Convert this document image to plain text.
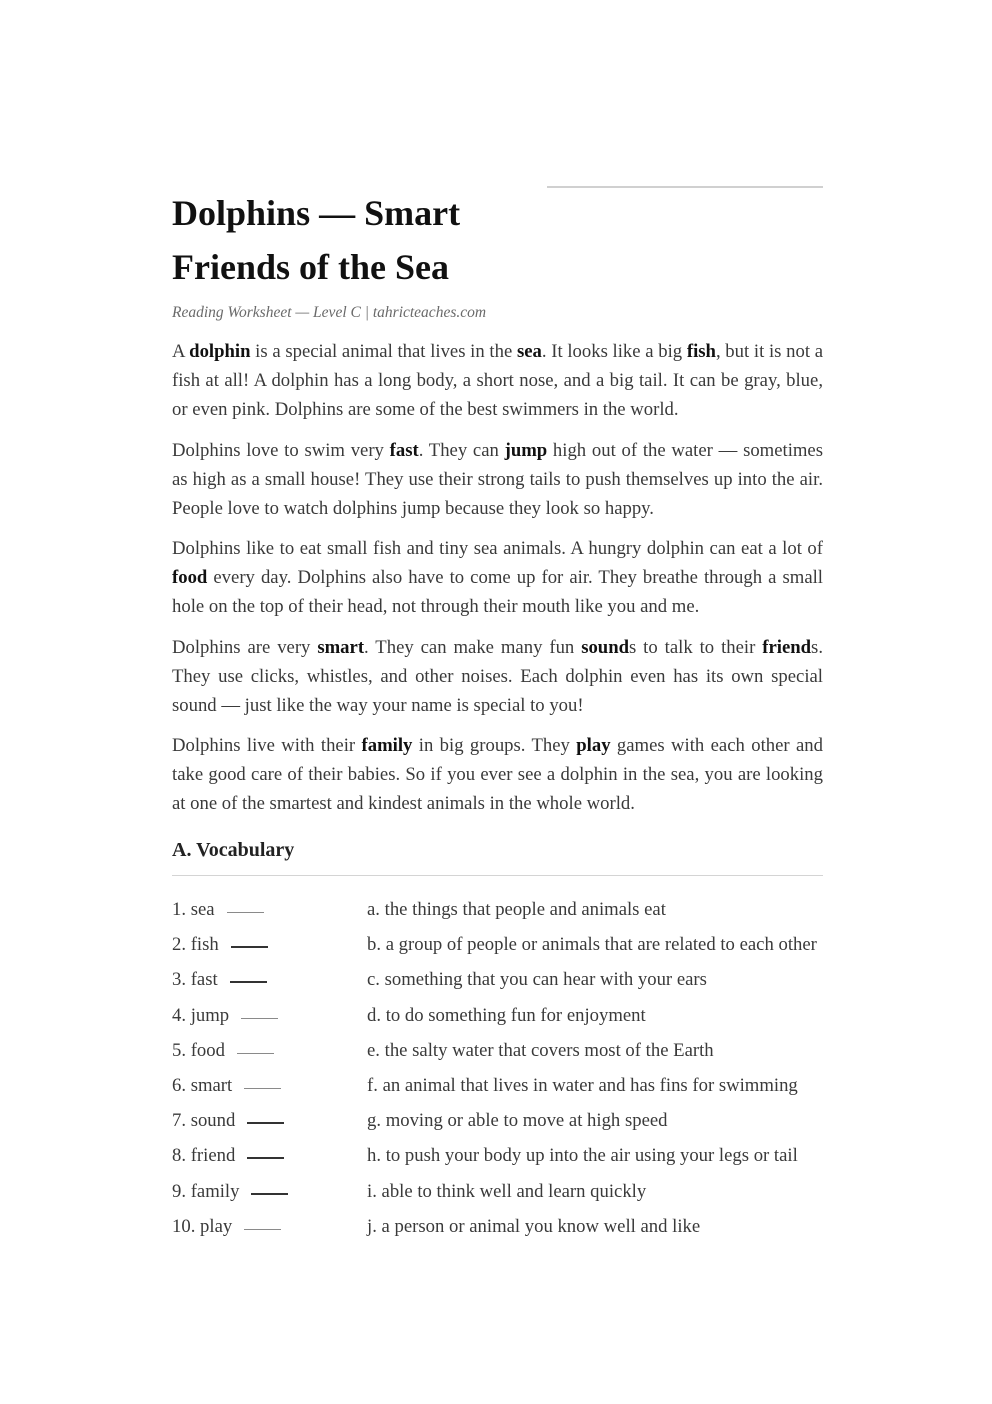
Dolphins — Smart
Friends of the Sea
Reading Worksheet — Level C | tahricteaches.com

A dolphin is a special animal that lives in the sea. It looks like a big fish, but it is not a fish at all! A dolphin has a long body, a short nose, and a big tail. It can be gray, blue, or even pink. Dolphins are some of the best swimmers in the world.

Dolphins love to swim very fast. They can jump high out of the water — sometimes as high as a small house! They use their strong tails to push themselves up into the air. People love to watch dolphins jump because they look so happy.

Dolphins like to eat small fish and tiny sea animals. A hungry dolphin can eat a lot of food every day. Dolphins also have to come up for air. They breathe through a small hole on the top of their head, not through their mouth like you and me.

Dolphins are very smart. They can make many fun sounds to talk to their friends. They use clicks, whistles, and other noises. Each dolphin even has its own special sound — just like the way your name is special to you!

Dolphins live with their family in big groups. They play games with each other and take good care of their babies. So if you ever see a dolphin in the sea, you are looking at one of the smartest and kindest animals in the whole world.

A. Vocabulary
1. sea	a. the things that people and animals eat
2. fish	b. a group of people or animals that are related to each other
3. fast	c. something that you can hear with your ears
4. jump	d. to do something fun for enjoyment
5. food	e. the salty water that covers most of the Earth
6. smart	f. an animal that lives in water and has fins for swimming
7. sound	g. moving or able to move at high speed
8. friend	h. to push your body up into the air using your legs or tail
9. family	i. able to think well and learn quickly
10. play	j. a person or animal you know well and like
